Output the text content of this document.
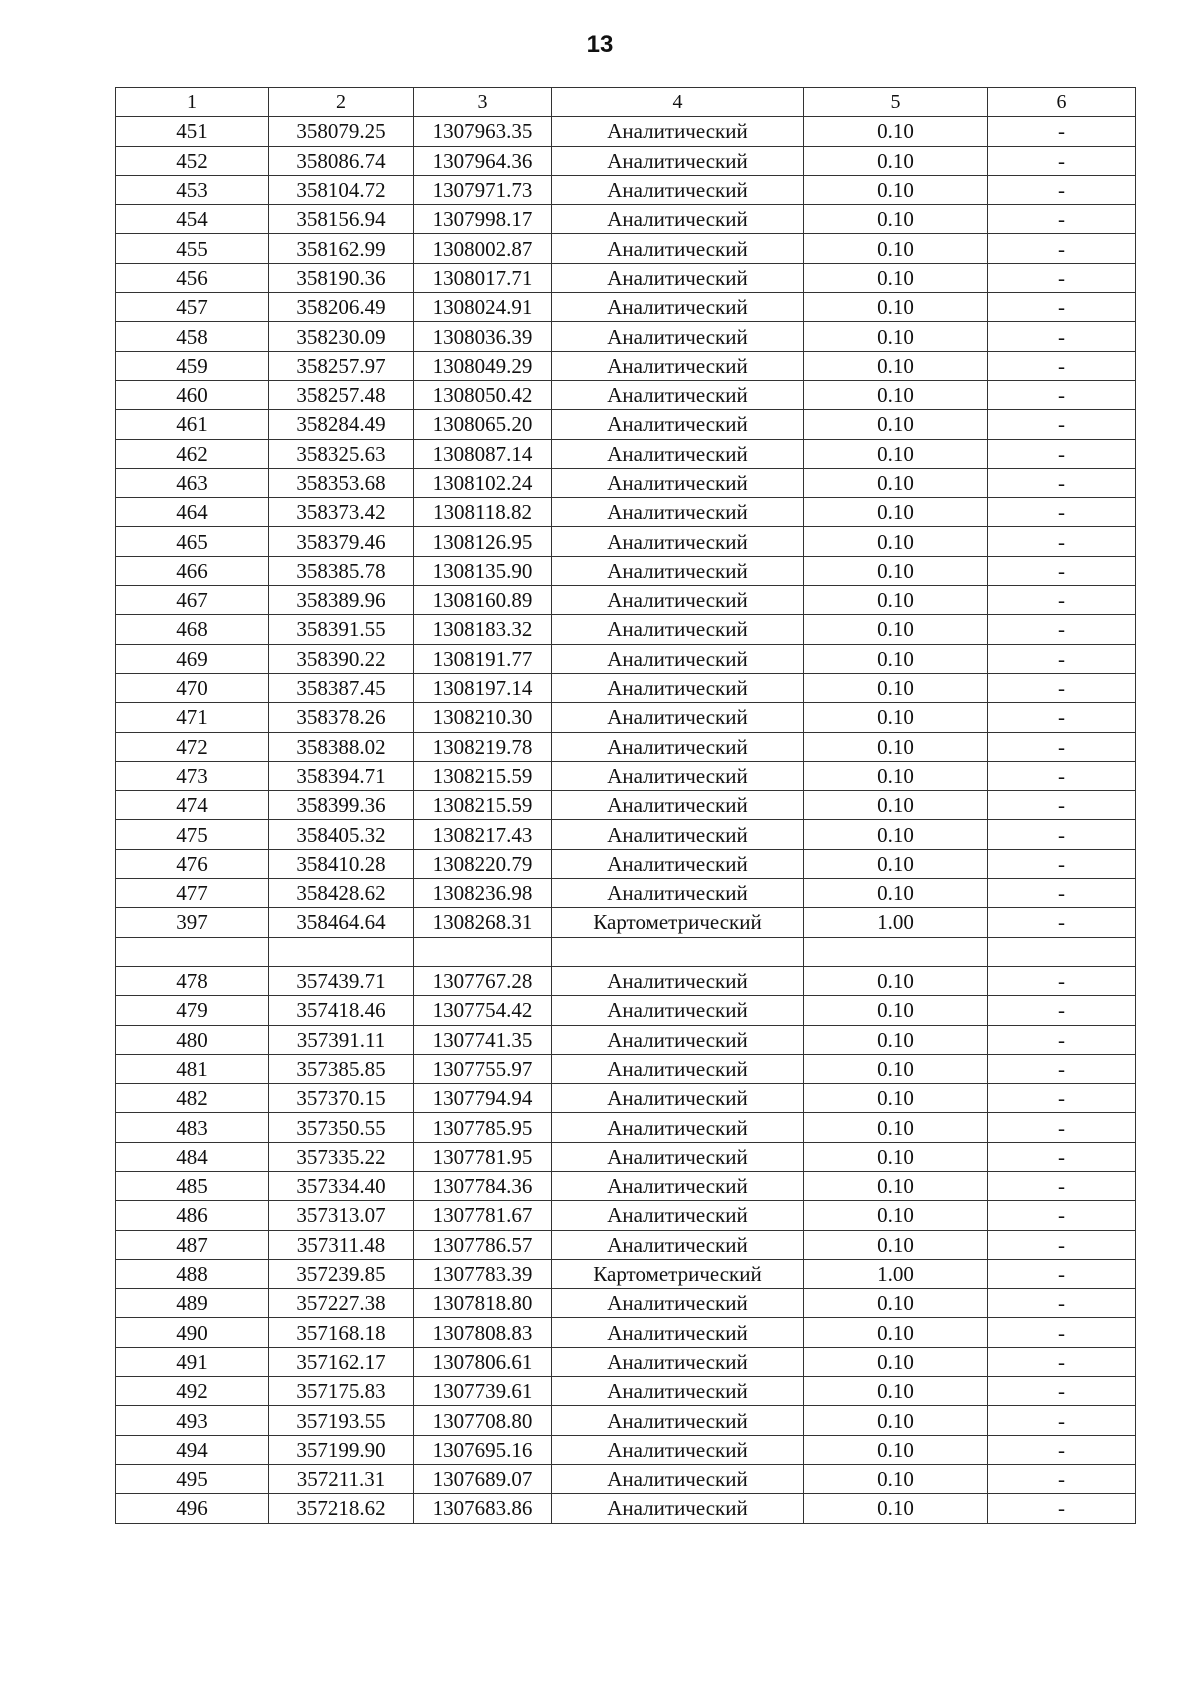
13
1	2	3	4	5	6
451	358079.25	1307963.35	Аналитический	0.10	-
452	358086.74	1307964.36	Аналитический	0.10	-
453	358104.72	1307971.73	Аналитический	0.10	-
454	358156.94	1307998.17	Аналитический	0.10	-
455	358162.99	1308002.87	Аналитический	0.10	-
456	358190.36	1308017.71	Аналитический	0.10	-
457	358206.49	1308024.91	Аналитический	0.10	-
458	358230.09	1308036.39	Аналитический	0.10	-
459	358257.97	1308049.29	Аналитический	0.10	-
460	358257.48	1308050.42	Аналитический	0.10	-
461	358284.49	1308065.20	Аналитический	0.10	-
462	358325.63	1308087.14	Аналитический	0.10	-
463	358353.68	1308102.24	Аналитический	0.10	-
464	358373.42	1308118.82	Аналитический	0.10	-
465	358379.46	1308126.95	Аналитический	0.10	-
466	358385.78	1308135.90	Аналитический	0.10	-
467	358389.96	1308160.89	Аналитический	0.10	-
468	358391.55	1308183.32	Аналитический	0.10	-
469	358390.22	1308191.77	Аналитический	0.10	-
470	358387.45	1308197.14	Аналитический	0.10	-
471	358378.26	1308210.30	Аналитический	0.10	-
472	358388.02	1308219.78	Аналитический	0.10	-
473	358394.71	1308215.59	Аналитический	0.10	-
474	358399.36	1308215.59	Аналитический	0.10	-
475	358405.32	1308217.43	Аналитический	0.10	-
476	358410.28	1308220.79	Аналитический	0.10	-
477	358428.62	1308236.98	Аналитический	0.10	-
397	358464.64	1308268.31	Картометрический	1.00	-

478	357439.71	1307767.28	Аналитический	0.10	-
479	357418.46	1307754.42	Аналитический	0.10	-
480	357391.11	1307741.35	Аналитический	0.10	-
481	357385.85	1307755.97	Аналитический	0.10	-
482	357370.15	1307794.94	Аналитический	0.10	-
483	357350.55	1307785.95	Аналитический	0.10	-
484	357335.22	1307781.95	Аналитический	0.10	-
485	357334.40	1307784.36	Аналитический	0.10	-
486	357313.07	1307781.67	Аналитический	0.10	-
487	357311.48	1307786.57	Аналитический	0.10	-
488	357239.85	1307783.39	Картометрический	1.00	-
489	357227.38	1307818.80	Аналитический	0.10	-
490	357168.18	1307808.83	Аналитический	0.10	-
491	357162.17	1307806.61	Аналитический	0.10	-
492	357175.83	1307739.61	Аналитический	0.10	-
493	357193.55	1307708.80	Аналитический	0.10	-
494	357199.90	1307695.16	Аналитический	0.10	-
495	357211.31	1307689.07	Аналитический	0.10	-
496	357218.62	1307683.86	Аналитический	0.10	-
